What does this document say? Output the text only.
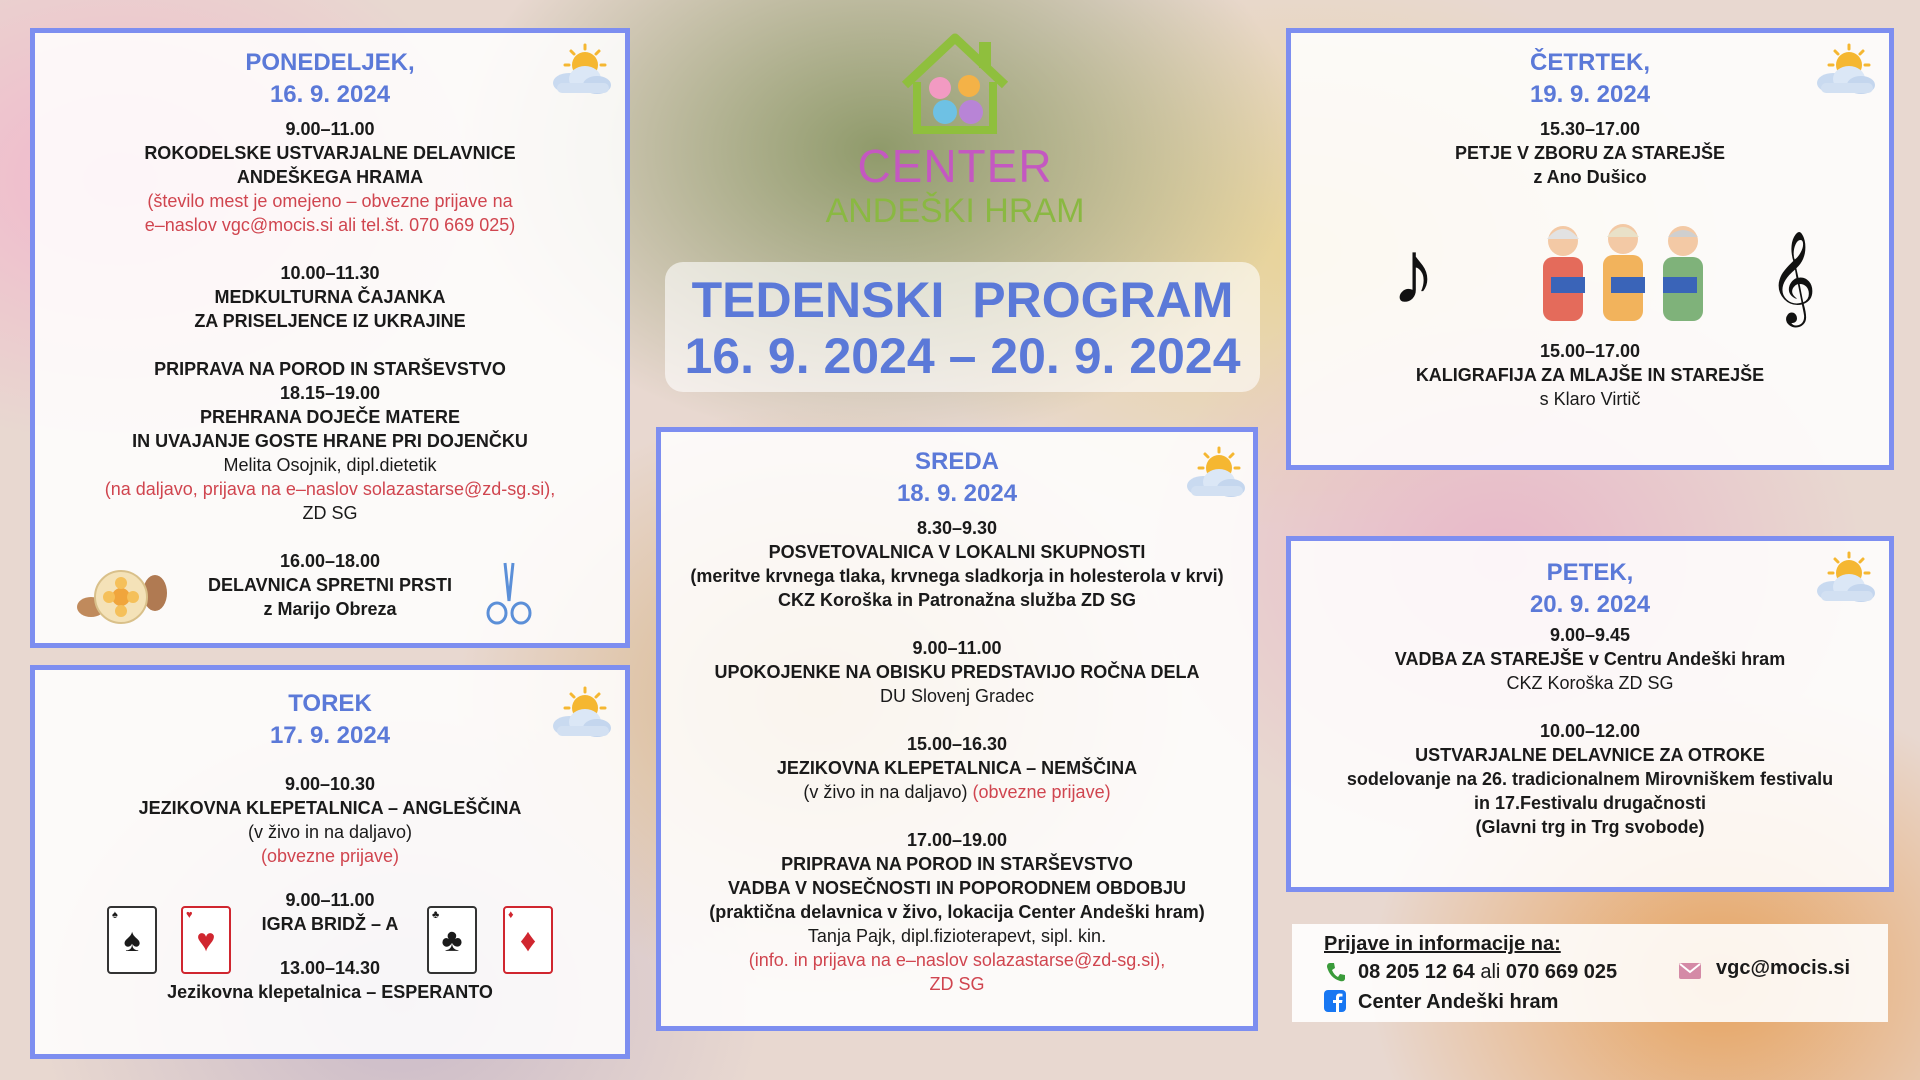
CENTER
ANDEŠKI HRAM
TEDENSKI  PROGRAM
16. 9. 2024 – 20. 9. 2024
PONEDELJEK,
16. 9. 2024
9.00–11.00
ROKODELSKE USTVARJALNE DELAVNICE
ANDEŠKEGA HRAMA
(število mest je omejeno – obvezne prijave na
e–naslov vgc@mocis.si ali tel.št. 070 669 025)
10.00–11.30
MEDKULTURNA ČAJANKA
ZA PRISELJENCE IZ UKRAJINE
PRIPRAVA NA POROD IN STARŠEVSTVO
18.15–19.00
PREHRANA DOJEČE MATERE
IN UVAJANJE GOSTE HRANE PRI DOJENČKU
Melita Osojnik, dipl.dietetik
(na daljavo, prijava na e–naslov solazastarse@zd-sg.si),
ZD SG
16.00–18.00
DELAVNICA SPRETNI PRSTI
z Marijo Obreza
TOREK
17. 9. 2024
9.00–10.30
JEZIKOVNA KLEPETALNICA – ANGLEŠČINA
(v živo in na daljavo)
(obvezne prijave)
9.00–11.00
IGRA BRIDŽ – A
13.00–14.30
Jezikovna klepetalnica – ESPERANTO
♠
♠
♥
♥
♣
♣
♦
♦
SREDA
18. 9. 2024
8.30–9.30
POSVETOVALNICA V LOKALNI SKUPNOSTI
(meritve krvnega tlaka, krvnega sladkorja in holesterola v krvi)
CKZ Koroška in Patronažna služba ZD SG
9.00–11.00
UPOKOJENKE NA OBISKU PREDSTAVIJO ROČNA DELA
DU Slovenj Gradec
15.00–16.30
JEZIKOVNA KLEPETALNICA – NEMŠČINA
(v živo in na daljavo) (obvezne prijave)
17.00–19.00
PRIPRAVA NA POROD IN STARŠEVSTVO
VADBA V NOSEČNOSTI IN POPORODNEM OBDOBJU
(praktična delavnica v živo, lokacija Center Andeški hram)
Tanja Pajk, dipl.fizioterapevt, sipl. kin.
(info. in prijava na e–naslov solazastarse@zd-sg.si),
ZD SG
ČETRTEK,
19. 9. 2024
15.30–17.00
PETJE V ZBORU ZA STAREJŠE
z Ano Dušico
♪	𝄞
15.00–17.00
KALIGRAFIJA ZA MLAJŠE IN STAREJŠE
s Klaro Virtič
PETEK,
20. 9. 2024
9.00–9.45
VADBA ZA STAREJŠE v Centru Andeški hram
CKZ Koroška ZD SG
10.00–12.00
USTVARJALNE DELAVNICE ZA OTROKE
sodelovanje na 26. tradicionalnem Mirovniškem festivalu
in 17.Festivalu drugačnosti
(Glavni trg in Trg svobode)
Prijave in informacije na:
08 205 12 64 ali 070 669 025	vgc@mocis.si
Center Andeški hram
